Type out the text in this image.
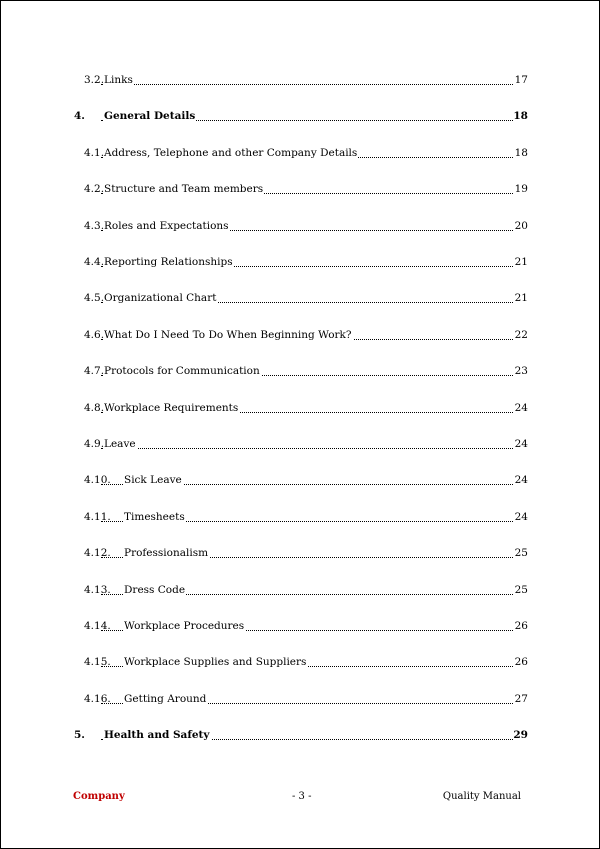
3.2. Links	17
4. General Details	18
4.1. Address, Telephone and other Company Details	18
4.2. Structure and Team members	19
4.3. Roles and Expectations	20
4.4. Reporting Relationships	21
4.5. Organizational Chart	21
4.6. What Do I Need To Do When Beginning Work?	22
4.7. Protocols for Communication	23
4.8. Workplace Requirements	24
4.9. Leave	24
4.10. Sick Leave	24
4.11. Timesheets	24
4.12. Professionalism	25
4.13. Dress Code	25
4.14. Workplace Procedures	26
4.15. Workplace Supplies and Suppliers	26
4.16. Getting Around	27
5. Health and Safety	29
Company	- 3 -	Quality Manual
